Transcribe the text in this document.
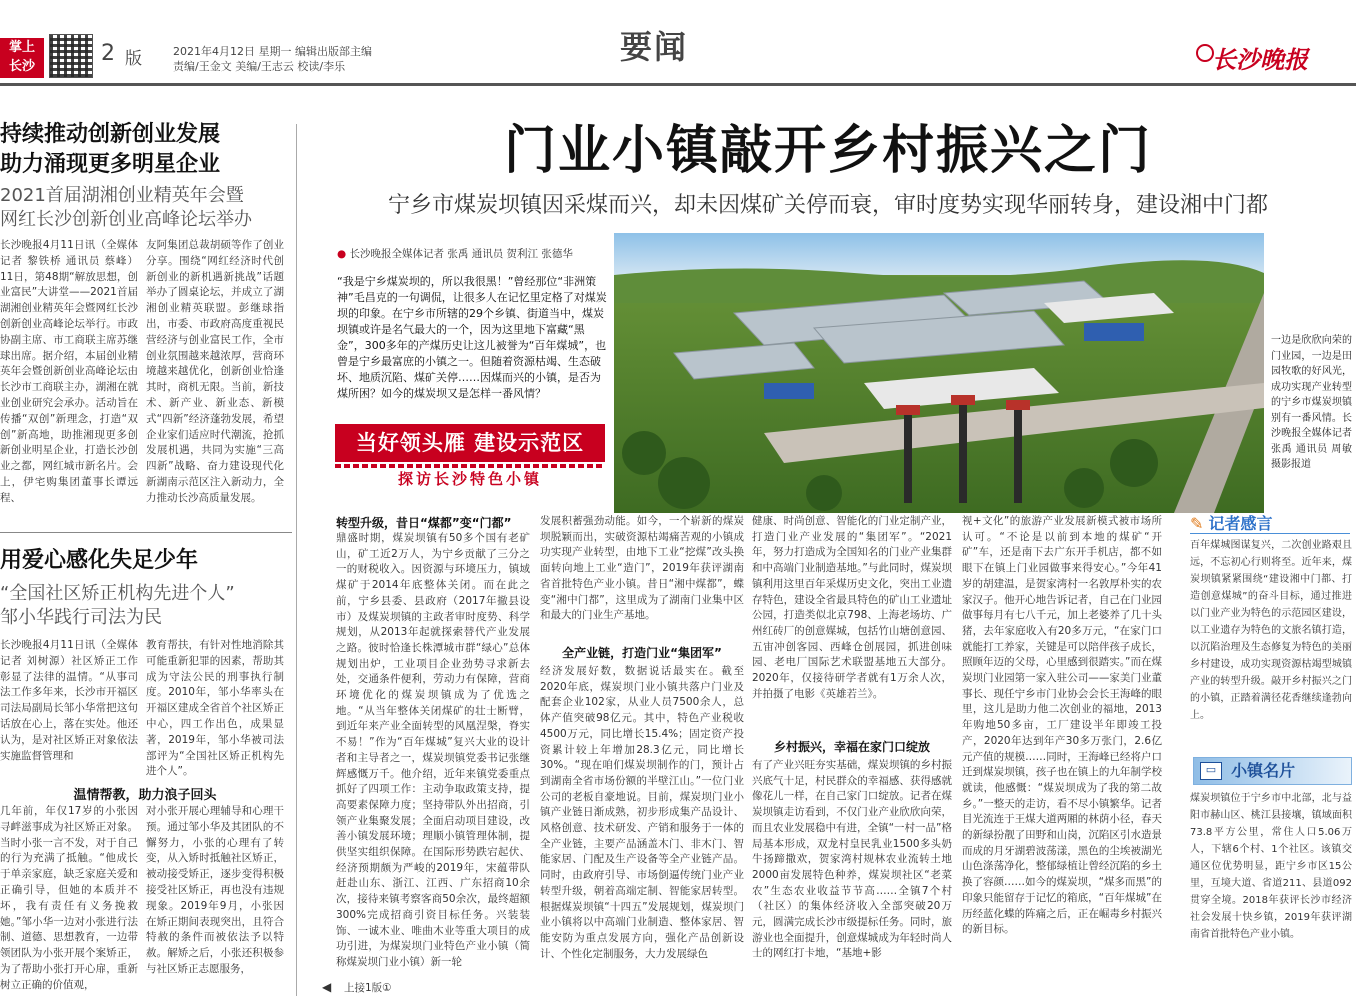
掌上
长沙
2 版	2021年4月12日 星期一 编辑出版部主编
责编/王金文 美编/王志云 校读/李乐
要闻	长沙晚报
持续推动创新创业发展
助力涌现更多明星企业
2021首届湖湘创业精英年会暨
网红长沙创新创业高峰论坛举办

长沙晚报4月11日讯（全媒体记者 黎铁桥 通讯员 蔡峰）11日，第48期“解放思想，创业富民”大讲堂——2021首届湖湘创业精英年会暨网红长沙创新创业高峰论坛举行。市政协副主席、市工商联主席苏继球出席。据介绍，本届创业精英年会暨创新创业高峰论坛由长沙市工商联主办，湖湘在就业创业研究会承办。活动旨在传播“双创”新理念，打造“双创”新高地，助推湘现更多创新创业明星企业，打造长沙创业之都，网红城市新名片。会上，伊宅购集团董事长谭远程、

友阿集团总裁胡硕等作了创业分享。围绕“网红经济时代创新创业的新机遇新挑战”话题举办了圆桌论坛，并成立了湖湘创业精英联盟。彭继球指出，市委、市政府高度重视民营经济与创业富民工作，全市创业氛围越来越浓厚，营商环境越来越优化，创新创业恰逢其时，商机无限。当前，新技术、新产业、新业态、新模式“四新”经济蓬勃发展，希望企业家们适应时代潮流，抢抓发展机遇，共同为实施“三高四新”战略、奋力建设现代化新湖南示范区注入新动力，全力推动长沙高质量发展。

用爱心感化失足少年
“全国社区矫正机构先进个人”
邹小华践行司法为民

长沙晚报4月11日讯（全媒体记者 刘树源）社区矫正工作彰显了法律的温情。“从事司法工作多年来，长沙市开福区司法局副局长邹小华常把这句话放在心上，落在实处。他还认为，是对社区矫正对象依法实施监督管理和

教育帮扶，有针对性地消除其可能重新犯罪的因素，帮助其成为守法公民的刑事执行制度。2010年，邹小华率头在开福区建成全省首个社区矫正中心，四工作出色，成果显著，2019年，邹小华被司法部评为“全国社区矫正机构先进个人”。

温情帮教，助力浪子回头

几年前，年仅17岁的小张因寻衅滋事成为社区矫正对象。当时小张一言不发，对于自己的行为充满了抵触。“他成长于单亲家庭，缺乏家庭关爱和正确引导，但她的本质并不坏，我有责任有义务挽救她。”邹小华一边对小张进行法制、道德、思想教育，一边带领团队为小张开展个案矫正，为了帮助小张打开心扉，重新树立正确的价值观，

对小张开展心理辅导和心理干预。通过邹小华及其团队的不懈努力，小张的心理有了转变，从入矫时抵触社区矫正，被动接受矫正，逐步变得积极接受社区矫正，再也没有违规现象。2019年9月，小张因在矫正期间表现突出，且符合特赦的条件而被依法予以特赦。解矫之后，小张还积极参与社区矫正志愿服务，

门业小镇敲开乡村振兴之门
宁乡市煤炭坝镇因采煤而兴，却未因煤矿关停而衰，审时度势实现华丽转身，建设湘中门都
● 长沙晚报全媒体记者 张禹 通讯员 贺利江 张德华

“我是宁乡煤炭坝的，所以我很黑！”曾经那位“非洲策神”毛昌克的一句调侃，让很多人在记忆里定格了对煤炭坝的印象。在宁乡市所辖的29个乡镇、街道当中，煤炭坝镇或许是名气最大的一个，因为这里地下富藏“黑金”，300多年的产煤历史让这儿被誉为“百年煤城”，也曾是宁乡最富庶的小镇之一。但随着资源枯竭、生态破坏、地质沉陷、煤矿关停……因煤而兴的小镇，是否为煤所困？如今的煤炭坝又是怎样一番风情？

当好领头雁 建设示范区
探访长沙特色小镇

一边是欣欣向荣的门业园，一边是田园牧歌的好风光，成功实现产业转型的宁乡市煤炭坝镇别有一番风情。长沙晚报全媒体记者 张禹 通讯员 周敏 摄影报道

转型升级，昔日“煤都”变“门都”

鼎盛时期，煤炭坝镇有50多个国有老矿山，矿工近2万人，为宁乡贡献了三分之一的财税收入。因资源与环境压力，镇域煤矿于2014年底整体关闭。而在此之前，宁乡县委、县政府（2017年撤县设市）及煤炭坝镇的主政者审时度势、科学规划，从2013年起就探索替代产业发展之路。彼时恰逢长株潭城市群“绿心”总体规划出炉，工业项目企业劲势寻求新去处，交通条件便利，劳动力有保障，营商环境优化的煤炭坝镇成为了优选之地。“从当年整体关闭煤矿的壮士断臂，到近年来产业全面转型的风凰涅槃，脊实不易！”作为“百年煤城”复兴大业的设计者和主导者之一，煤炭坝镇党委书记张继辉感慨万千。他介绍，近年来镇党委重点抓好了四项工作：主动争取政策支持，提高要素保障力度；坚持带队外出招商，引领产业集聚发展；全面启动项目建设，改善小镇发展环境；理顺小镇管理体制，提供坚实组织保障。在国际形势跌宕起伏、经济预期颇为严峻的2019年，宋蕴带队赶赴山东、浙江、江西、广东招商10余次，接待来镇考察客商50余次，最终超额300%完成招商引资目标任务。兴装装饰、一诚木业、唯曲木业等重大项目的成功引进，为煤炭坝门业特色产业小镇（简称煤炭坝门业小镇）新一轮

发展积蓄强劲动能。如今，一个崭新的煤炭坝脱颖而出，实破资源枯竭痛苦观的小镇成功实现产业转型，由地下工业“挖煤”改头换面转向地上工业“造门”，2019年获评湖南省首批特色产业小镇。昔日“湘中煤都”，蝶变“湘中门都”，这里成为了湖南门业集中区和最大的门业生产基地。

全产业链，打造门业“集团军”

经济发展好数，数据说话最实在。截至2020年底，煤炭坝门业小镇共落户门业及配套企业102家，从业人员7500余人，总体产值突破98亿元。其中，特色产业税收4500万元，同比增长15.4%；固定资产投资累计较上年增加28.3亿元，同比增长30%。“现在咱们煤炭坝制作的门，预计占到湖南全省市场份额的半壁江山。”一位门业公司的老板自豪地说。目前，煤炭坝门业小镇产业链日渐成熟，初步形成集产品设计、风格创意、技术研发、产销和服务于一体的全产业链，主要产品涵盖木门、非木门、智能家居、门配及生产设备等全产业链产品。同时，由政府引导、市场倒逼传统门业产业转型升级，朝着高端定制、智能家居转型。根据煤炭坝镇“十四五”发展规划，煤炭坝门业小镇将以中高端门业制造、整体家居、智能安防为重点发展方向，强化产品创新设计、个性化定制服务，大力发展绿色

健康、时尚创意、智能化的门业定制产业，打造门业产业发展的“集团军”。“2021年，努力打造成为全国知名的门业产业集群和中高端门业制造基地。”与此同时，煤炭坝镇利用这里百年采煤历史文化，突出工业遗存特色，建设全省最具特色的矿山工业遗址公园，打造类似北京798、上海老场坊、广州红砖厂的创意媒城，包括竹山塘创意园、五宙冲创客园、西峰仓创展园，抓进创味园、老电厂国际艺术联盟基地五大部分。2020年，仅接待研学者就有1万余人次，并拍摄了电影《英雄若兰》。

乡村振兴，幸福在家门口绽放

有了产业兴旺夯实基础，煤炭坝镇的乡村振兴底气十足，村民群众的幸福感、获得感就像花儿一样，在自己家门口绽放。记者在煤炭坝镇走访看到，不仅门业产业欣欣向荣，而且农业发展稳中有进，全镇“一村一品”格局基本形成，双龙村皇民乳业1500多头奶牛扬蹄撒欢，贺家湾村规林农业流转土地2000亩发展特色种养，煤炭坝社区“老菜农”生态农业收益节节高……全镇7个村（社区）的集体经济收入全部突破20万元，圆满完成长沙市级提标任务。同时，旅游业也全面提升，创意煤城成为年轻时尚人士的网红打卡地，“基地+影

视+文化”的旅游产业发展新模式被市场所认可。“不论是以前到本地的煤矿“开矿”车，还是南下去广东开手机店，都不如眼下在镇上门业园做事来得安心。”今年41岁的胡建温，是贺家湾村一名敦厚朴实的农家汉子。他开心地告诉记者，自己在门业园做事每月有七八千元，加上老婆养了几十头猪，去年家庭收入有20多万元，“在家门口就能打工养家，关键是可以陪伴孩子成长，照顾年迈的父母，心里感到很踏实。”而在煤炭坝门业园第一家入驻公司——家美门业董事长、现任宁乡市门业协会会长王海峰的眼里，这儿是助力他二次创业的福地，2013年购地50多亩，工厂建设半年即竣工投产，2020年达到年产30多万张门，2.6亿元产值的规模……同时，王海峰已经将户口迁到煤炭坝镇，孩子也在镇上的九年制学校就读，他感慨：“煤炭坝成为了我的第二故乡。”一整天的走访，看不尽小镇繁华。记者目光流连于王煤大道两厢的林荫小径，春天的新绿扮靓了田野和山岗，沉陷区引水造景而成的月牙湖碧波荡漾，黑色的尘埃被湖光山色涤荡净化，整郁绿植让曾经沉陷的乡土换了容颜……如今的煤炭坝，“煤多而黑”的印象只能留存于记忆的箱底，“百年煤城”在历经蓝化蝶的阵痛之后，正在崛毒乡村振兴的新目标。

✎ 记者感言

百年煤城图谋复兴，二次创业路艰且远，不忘初心行则将至。近年来，煤炭坝镇紧紧围绕“建设湘中门都、打造创意煤城”的奋斗目标，通过推进以门业产业为特色的示范园区建设，以工业遗存为特色的文旅名镇打造，以沉陷治理及生态修复为特色的美丽乡村建设，成功实现资源枯竭型城镇产业的转型升级。敲开乡村振兴之门的小镇，正踏着满径花香继续逢勃向上。

▭ 小镇名片

煤炭坝镇位于宁乡市中北部，北与益阳市赫山区、桃江县接壤，镇域面积73.8平方公里，常住人口5.06万人，下辖6个村、1个社区。该镇交通区位优势明显，距宁乡市区15公里，互境大道、省道211、县道092贯穿全境。2018年获评长沙市经济社会发展十快乡镇，2019年获评湖南省首批特色产业小镇。

◀ 上接1版①
